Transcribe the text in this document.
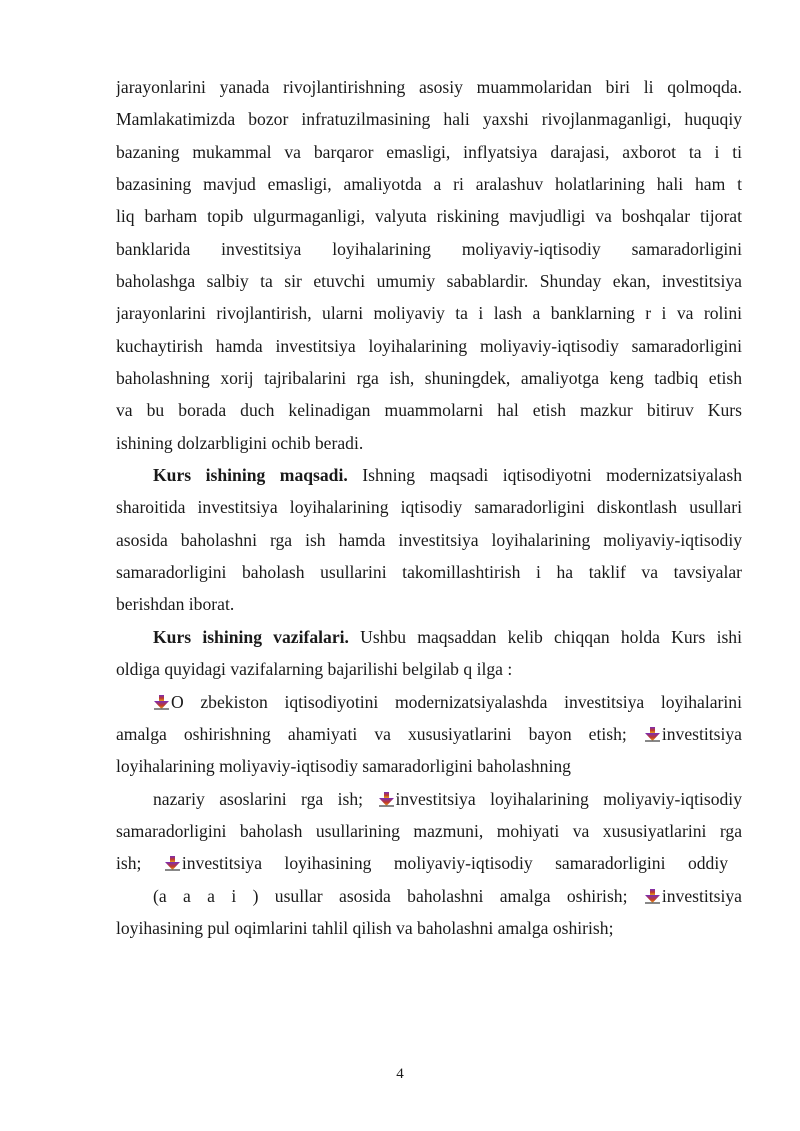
jarayonlarini yanada rivojlantirishning asosiy muammolaridan biri li qolmoqda.
Mamlakatimizda bozor infratuzilmasining hali yaxshi rivojlanmaganligi, huquqiy
bazaning mukammal va barqaror emasligi, inflyatsiya darajasi, axborot ta i ti
bazasining mavjud emasligi, amaliyotda a ri aralashuv holatlarining hali ham t
liq barham topib ulgurmaganligi, valyuta riskining mavjudligi va boshqalar tijorat
banklarida investitsiya loyihalarining moliyaviy-iqtisodiy samaradorligini
baholashga salbiy ta sir etuvchi umumiy sabablardir. Shunday ekan, investitsiya
jarayonlarini rivojlantirish, ularni moliyaviy ta i lash a banklarning r i va rolini
kuchaytirish hamda investitsiya loyihalarining moliyaviy-iqtisodiy samaradorligini
baholashning xorij tajribalarini rga ish, shuningdek, amaliyotga keng tadbiq etish
va bu borada duch kelinadigan muammolarni hal etish mazkur bitiruv Kurs
ishining dolzarbligini ochib beradi.
Kurs ishining maqsadi. Ishning maqsadi iqtisodiyotni modernizatsiyalash
sharoitida investitsiya loyihalarining iqtisodiy samaradorligini diskontlash usullari
asosida baholashni rga ish hamda investitsiya loyihalarining moliyaviy-iqtisodiy
samaradorligini baholash usullarini takomillashtirish i ha taklif va tavsiyalar
berishdan iborat.
Kurs ishining vazifalari. Ushbu maqsaddan kelib chiqqan holda Kurs ishi
oldiga quyidagi vazifalarning bajarilishi belgilab q ilga :
O zbekiston iqtisodiyotini modernizatsiyalashda investitsiya loyihalarini
amalga oshirishning ahamiyati va xususiyatlarini bayon etish; investitsiya
loyihalarining moliyaviy-iqtisodiy samaradorligini baholashning
nazariy asoslarini rga ish; investitsiya loyihalarining moliyaviy-iqtisodiy
samaradorligini baholash usullarining mazmuni, mohiyati va xususiyatlarini rga
ish; investitsiya loyihasining moliyaviy-iqtisodiy samaradorligini oddiy
(a a a i ) usullar asosida baholashni amalga oshirish; investitsiya
loyihasining pul oqimlarini tahlil qilish va baholashni amalga oshirish;
4
